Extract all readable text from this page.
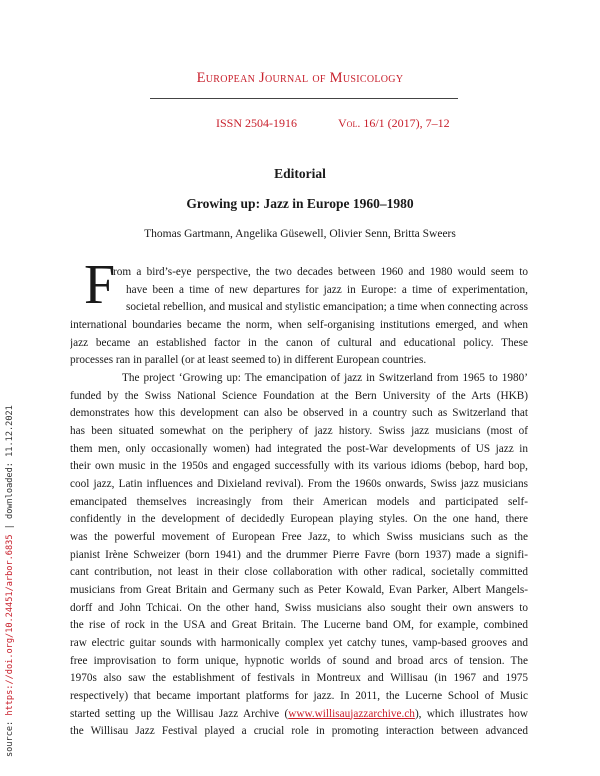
source: https://doi.org/10.24451/arbor.6835 | downloaded: 11.12.2021
European Journal of Musicology
ISSN 2504-1916	Vol. 16/1 (2017), 7–12
Editorial
Growing up: Jazz in Europe 1960–1980
Thomas Gartmann, Angelika Güsewell, Olivier Senn, Britta Sweers
F
rom a bird’s-eye perspective, the two decades between 1960 and 1980 would seem to
have been a time of new departures for jazz in Europe: a time of experimentation,
societal rebellion, and musical and stylistic emancipation; a time when connecting across
international boundaries became the norm, when self-organising institutions emerged, and when
jazz became an established factor in the canon of cultural and educational policy. These
processes ran in parallel (or at least seemed to) in different European countries.
The project ‘Growing up: The emancipation of jazz in Switzerland from 1965 to 1980’
funded by the Swiss National Science Foundation at the Bern University of the Arts (HKB)
demonstrates how this development can also be observed in a country such as Switzerland that
has been situated somewhat on the periphery of jazz history. Swiss jazz musicians (most of
them men, only occasionally women) had integrated the post-War developments of US jazz in
their own music in the 1950s and engaged successfully with its various idioms (bebop, hard bop,
cool jazz, Latin influences and Dixieland revival). From the 1960s onwards, Swiss jazz musicians
emancipated themselves increasingly from their American models and participated self-
confidently in the development of decidedly European playing styles. On the one hand, there
was the powerful movement of European Free Jazz, to which Swiss musicians such as the
pianist Irène Schweizer (born 1941) and the drummer Pierre Favre (born 1937) made a signifi-
cant contribution, not least in their close collaboration with other radical, societally committed
musicians from Great Britain and Germany such as Peter Kowald, Evan Parker, Albert Mangels-
dorff and John Tchicai. On the other hand, Swiss musicians also sought their own answers to
the rise of rock in the USA and Great Britain. The Lucerne band OM, for example, combined
raw electric guitar sounds with harmonically complex yet catchy tunes, vamp-based grooves and
free improvisation to form unique, hypnotic worlds of sound and broad arcs of tension. The
1970s also saw the establishment of festivals in Montreux and Willisau (in 1967 and 1975
respectively) that became important platforms for jazz. In 2011, the Lucerne School of Music
started setting up the Willisau Jazz Archive (www.willisaujazzarchive.ch), which illustrates how
the Willisau Jazz Festival played a crucial role in promoting interaction between advanced
